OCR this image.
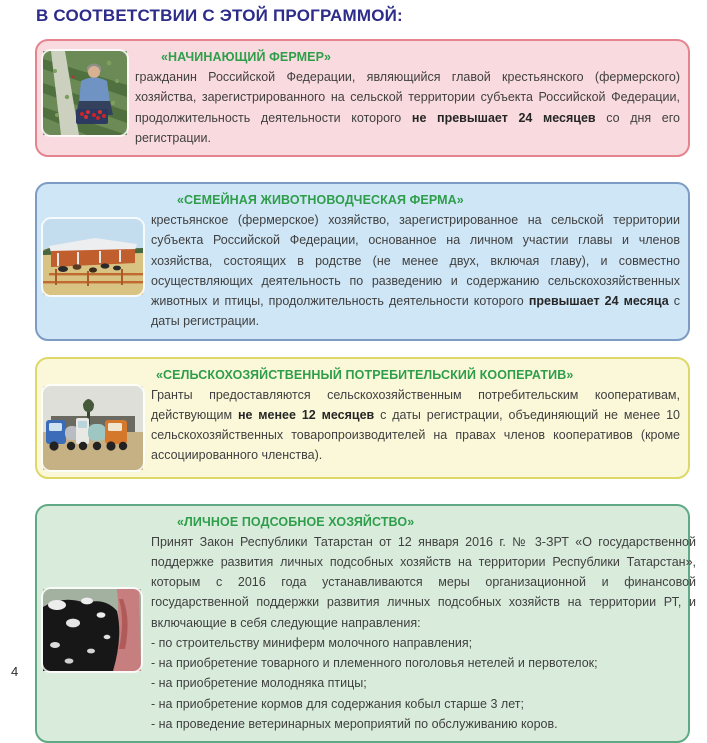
В СООТВЕТСТВИИ С ЭТОЙ ПРОГРАММОЙ:
«НАЧИНАЮЩИЙ ФЕРМЕР»

гражданин Российской Федерации, являющийся главой крестьянского (фермерского) хозяйства, зарегистрированного на сельской территории субъекта Российской Федерации, продолжительность деятельности которого не превышает 24 месяцев со дня его регистрации.

«СЕМЕЙНАЯ ЖИВОТНОВОДЧЕСКАЯ ФЕРМА»

крестьянское (фермерское) хозяйство, зарегистрированное на сельской территории субъекта Российской Федерации, основанное на личном участии главы и членов хозяйства, состоящих в родстве (не менее двух, включая главу), и совместно осуществляющих деятельность по разведению и содержанию сельскохозяйственных животных и птицы, продолжительность деятельности которого превышает 24 месяца с даты регистрации.

«СЕЛЬСКОХОЗЯЙСТВЕННЫЙ ПОТРЕБИТЕЛЬСКИЙ КООПЕРАТИВ»

Гранты предоставляются сельскохозяйственным потребительским кооперативам, действующим не менее 12 месяцев с даты регистрации, объединяющий не менее 10 сельскохозяйственных товаропроизводителей на правах членов кооперативов (кроме ассоциированного членства).

«ЛИЧНОЕ ПОДСОБНОЕ ХОЗЯЙСТВО»

Принят Закон Республики Татарстан от 12 января 2016 г. № 3-ЗРТ «О государственной поддержке развития личных подсобных хозяйств на территории Республики Татарстан», которым с 2016 года устанавливаются меры организационной и финансовой государственной поддержки развития личных подсобных хозяйств на территории РТ, и включающие в себя следующие направления:

- по строительству миниферм молочного направления;
- на приобретение товарного и племенного поголовья нетелей и первотелок;
- на приобретение молодняка птицы;
- на приобретение кормов для содержания кобыл старше 3 лет;
- на проведение ветеринарных мероприятий по обслуживанию коров.
4
